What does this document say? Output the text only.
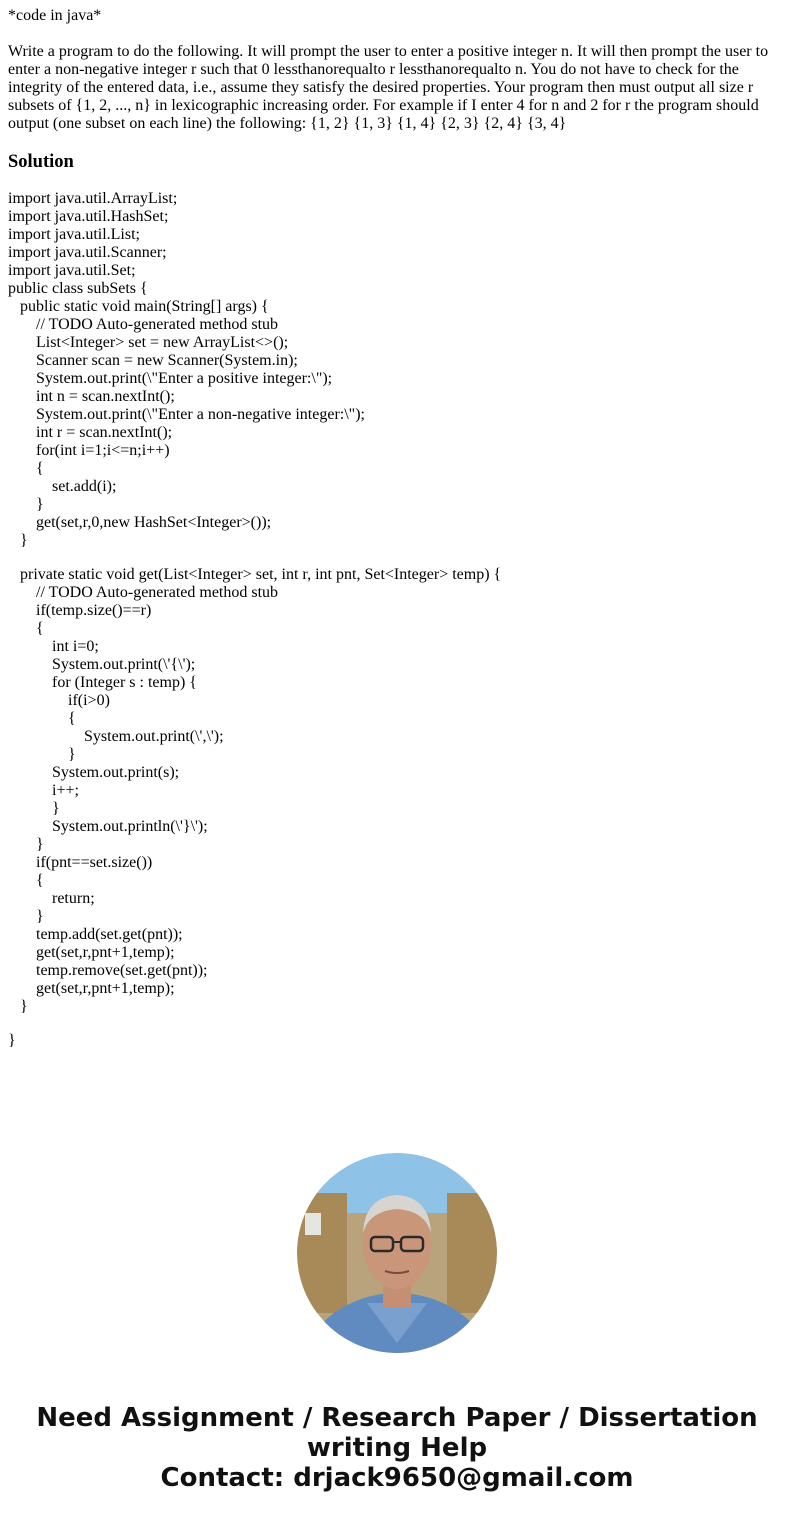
*code in java*
Write a program to do the following. It will prompt the user to enter a positive integer n. It will then prompt the user to enter a non-negative integer r such that 0 lessthanorequalto r lessthanorequalto n. You do not have to check for the integrity of the entered data, i.e., assume they satisfy the desired properties. Your program then must output all size r subsets of {1, 2, ..., n} in lexicographic increasing order. For example if I enter 4 for n and 2 for r the program should output (one subset on each line) the following: {1, 2} {1, 3} {1, 4} {2, 3} {2, 4} {3, 4}
Solution
import java.util.ArrayList;
import java.util.HashSet;
import java.util.List;
import java.util.Scanner;
import java.util.Set;
public class subSets {
public static void main(String[] args) {
// TODO Auto-generated method stub
List<Integer> set = new ArrayList<>();
Scanner scan = new Scanner(System.in);
System.out.print(\"Enter a positive integer:\");
int n = scan.nextInt();
System.out.print(\"Enter a non-negative integer:\");
int r = scan.nextInt();
for(int i=1;i<=n;i++)
{
set.add(i);
}
get(set,r,0,new HashSet<Integer>());
}
private static void get(List<Integer> set, int r, int pnt, Set<Integer> temp) {
// TODO Auto-generated method stub
if(temp.size()==r)
{
int i=0;
System.out.print(\'{\');
for (Integer s : temp) {
if(i>0)
{
System.out.print(\',\');
}
System.out.print(s);
i++;
}
System.out.println(\'}\');
}
if(pnt==set.size())
{
return;
}
temp.add(set.get(pnt));
get(set,r,pnt+1,temp);
temp.remove(set.get(pnt));
get(set,r,pnt+1,temp);
}
}
Need Assignment / Research Paper / Dissertation
writing Help
Contact: drjack9650@gmail.com
